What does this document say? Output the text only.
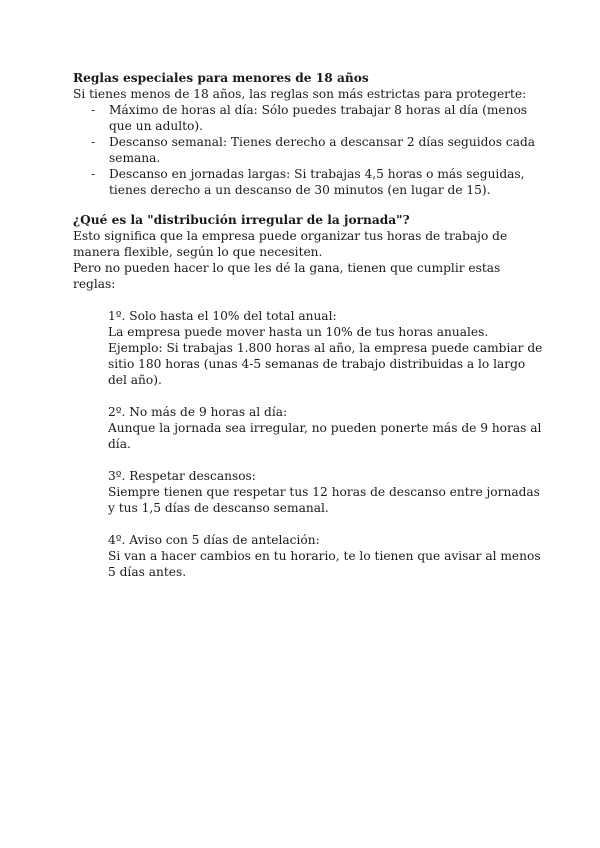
Reglas especiales para menores de 18 años

Si tienes menos de 18 años, las reglas son más estrictas para protegerte:

- Máximo de horas al día: Sólo puedes trabajar 8 horas al día (menos que un adulto).
- Descanso semanal: Tienes derecho a descansar 2 días seguidos cada semana.
- Descanso en jornadas largas: Si trabajas 4,5 horas o más seguidas, tienes derecho a un descanso de 30 minutos (en lugar de 15).

¿Qué es la "distribución irregular de la jornada"?

Esto significa que la empresa puede organizar tus horas de trabajo de manera flexible, según lo que necesiten.

Pero no pueden hacer lo que les dé la gana, tienen que cumplir estas reglas:

1º. Solo hasta el 10% del total anual:

La empresa puede mover hasta un 10% de tus horas anuales.

Ejemplo: Si trabajas 1.800 horas al año, la empresa puede cambiar de sitio 180 horas (unas 4-5 semanas de trabajo distribuidas a lo largo del año).

2º. No más de 9 horas al día:

Aunque la jornada sea irregular, no pueden ponerte más de 9 horas al día.

3º. Respetar descansos:

Siempre tienen que respetar tus 12 horas de descanso entre jornadas y tus 1,5 días de descanso semanal.

4º. Aviso con 5 días de antelación:

Si van a hacer cambios en tu horario, te lo tienen que avisar al menos 5 días antes.
